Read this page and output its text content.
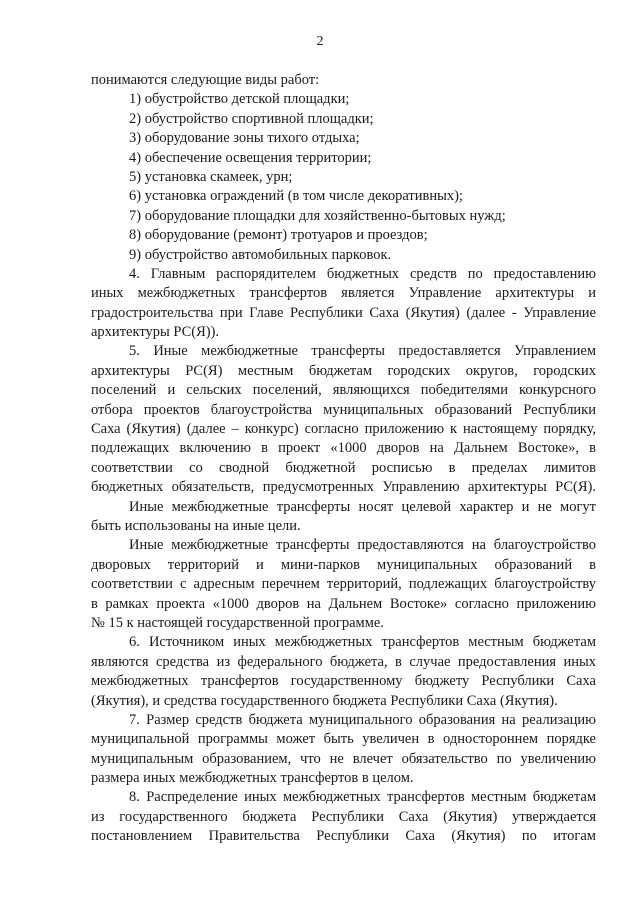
2
понимаются следующие виды работ:
1) обустройство детской площадки;
2) обустройство спортивной площадки;
3) оборудование зоны тихого отдыха;
4) обеспечение освещения территории;
5) установка скамеек, урн;
6) установка ограждений (в том числе декоративных);
7) оборудование площадки для хозяйственно-бытовых нужд;
8) оборудование (ремонт) тротуаров и проездов;
9) обустройство автомобильных парковок.
4. Главным распорядителем бюджетных средств по предоставлению
иных межбюджетных трансфертов является Управление архитектуры и
градостроительства при Главе Республики Саха (Якутия) (далее - Управление
архитектуры РС(Я)).
5. Иные межбюджетные трансферты предоставляется Управлением
архитектуры РС(Я) местным бюджетам городских округов, городских
поселений и сельских поселений, являющихся победителями конкурсного
отбора проектов благоустройства муниципальных образований Республики
Саха (Якутия) (далее – конкурс) согласно приложению к настоящему порядку,
подлежащих включению в проект «1000 дворов на Дальнем Востоке», в
соответствии со сводной бюджетной росписью в пределах лимитов
бюджетных обязательств, предусмотренных Управлению архитектуры РС(Я).
Иные межбюджетные трансферты носят целевой характер и не могут
быть использованы на иные цели.
Иные межбюджетные трансферты предоставляются на благоустройство
дворовых территорий и мини-парков муниципальных образований в
соответствии с адресным перечнем территорий, подлежащих благоустройству
в рамках проекта «1000 дворов на Дальнем Востоке» согласно приложению
№ 15 к настоящей государственной программе.
6. Источником иных межбюджетных трансфертов местным бюджетам
являются средства из федерального бюджета, в случае предоставления иных
межбюджетных трансфертов государственному бюджету Республики Саха
(Якутия), и средства государственного бюджета Республики Саха (Якутия).
7. Размер средств бюджета муниципального образования на реализацию
муниципальной программы может быть увеличен в одностороннем порядке
муниципальным образованием, что не влечет обязательство по увеличению
размера иных межбюджетных трансфертов в целом.
8. Распределение иных межбюджетных трансфертов местным бюджетам
из государственного бюджета Республики Саха (Якутия) утверждается
постановлением Правительства Республики Саха (Якутия) по итогам
